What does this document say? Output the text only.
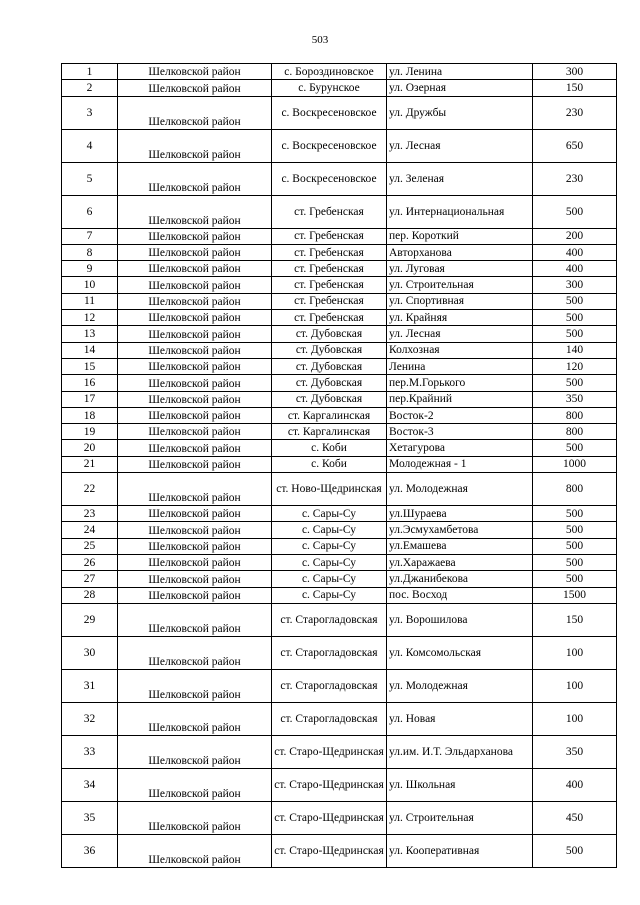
503
1	Шелковской район	с. Бороздиновское	ул. Ленина	300
2	Шелковской район	с. Бурунское	ул. Озерная	150
3	Шелковской район	с. Воскресеновское	ул. Дружбы	230
4	Шелковской район	с. Воскресеновское	ул. Лесная	650
5	Шелковской район	с. Воскресеновское	ул. Зеленая	230
6	Шелковской район	ст. Гребенская	ул. Интернациональная	500
7	Шелковской район	ст. Гребенская	пер. Короткий	200
8	Шелковской район	ст. Гребенская	Авторханова	400
9	Шелковской район	ст. Гребенская	ул. Луговая	400
10	Шелковской район	ст. Гребенская	ул. Строительная	300
11	Шелковской район	ст. Гребенская	ул. Спортивная	500
12	Шелковской район	ст. Гребенская	ул. Крайняя	500
13	Шелковской район	ст. Дубовская	ул. Лесная	500
14	Шелковской район	ст. Дубовская	Колхозная	140
15	Шелковской район	ст. Дубовская	Ленина	120
16	Шелковской район	ст. Дубовская	пер.М.Горького	500
17	Шелковской район	ст. Дубовская	пер.Крайний	350
18	Шелковской район	ст. Каргалинская	Восток-2	800
19	Шелковской район	ст. Каргалинская	Восток-3	800
20	Шелковской район	с. Коби	Хетагурова	500
21	Шелковской район	с. Коби	Молодежная - 1	1000
22	Шелковской район	ст. Ново-Щедринская	ул. Молодежная	800
23	Шелковской район	с. Сары-Су	ул.Шураева	500
24	Шелковской район	с. Сары-Су	ул.Эсмухамбетова	500
25	Шелковской район	с. Сары-Су	ул.Емашева	500
26	Шелковской район	с. Сары-Су	ул.Харажаева	500
27	Шелковской район	с. Сары-Су	ул.Джанибекова	500
28	Шелковской район	с. Сары-Су	пос. Восход	1500
29	Шелковской район	ст. Старогладовская	ул. Ворошилова	150
30	Шелковской район	ст. Старогладовская	ул. Комсомольская	100
31	Шелковской район	ст. Старогладовская	ул. Молодежная	100
32	Шелковской район	ст. Старогладовская	ул. Новая	100
33	Шелковской район	ст. Старо-Щедринская	ул.им. И.Т. Эльдарханова	350
34	Шелковской район	ст. Старо-Щедринская	ул. Школьная	400
35	Шелковской район	ст. Старо-Щедринская	ул. Строительная	450
36	Шелковской район	ст. Старо-Щедринская	ул. Кооперативная	500
